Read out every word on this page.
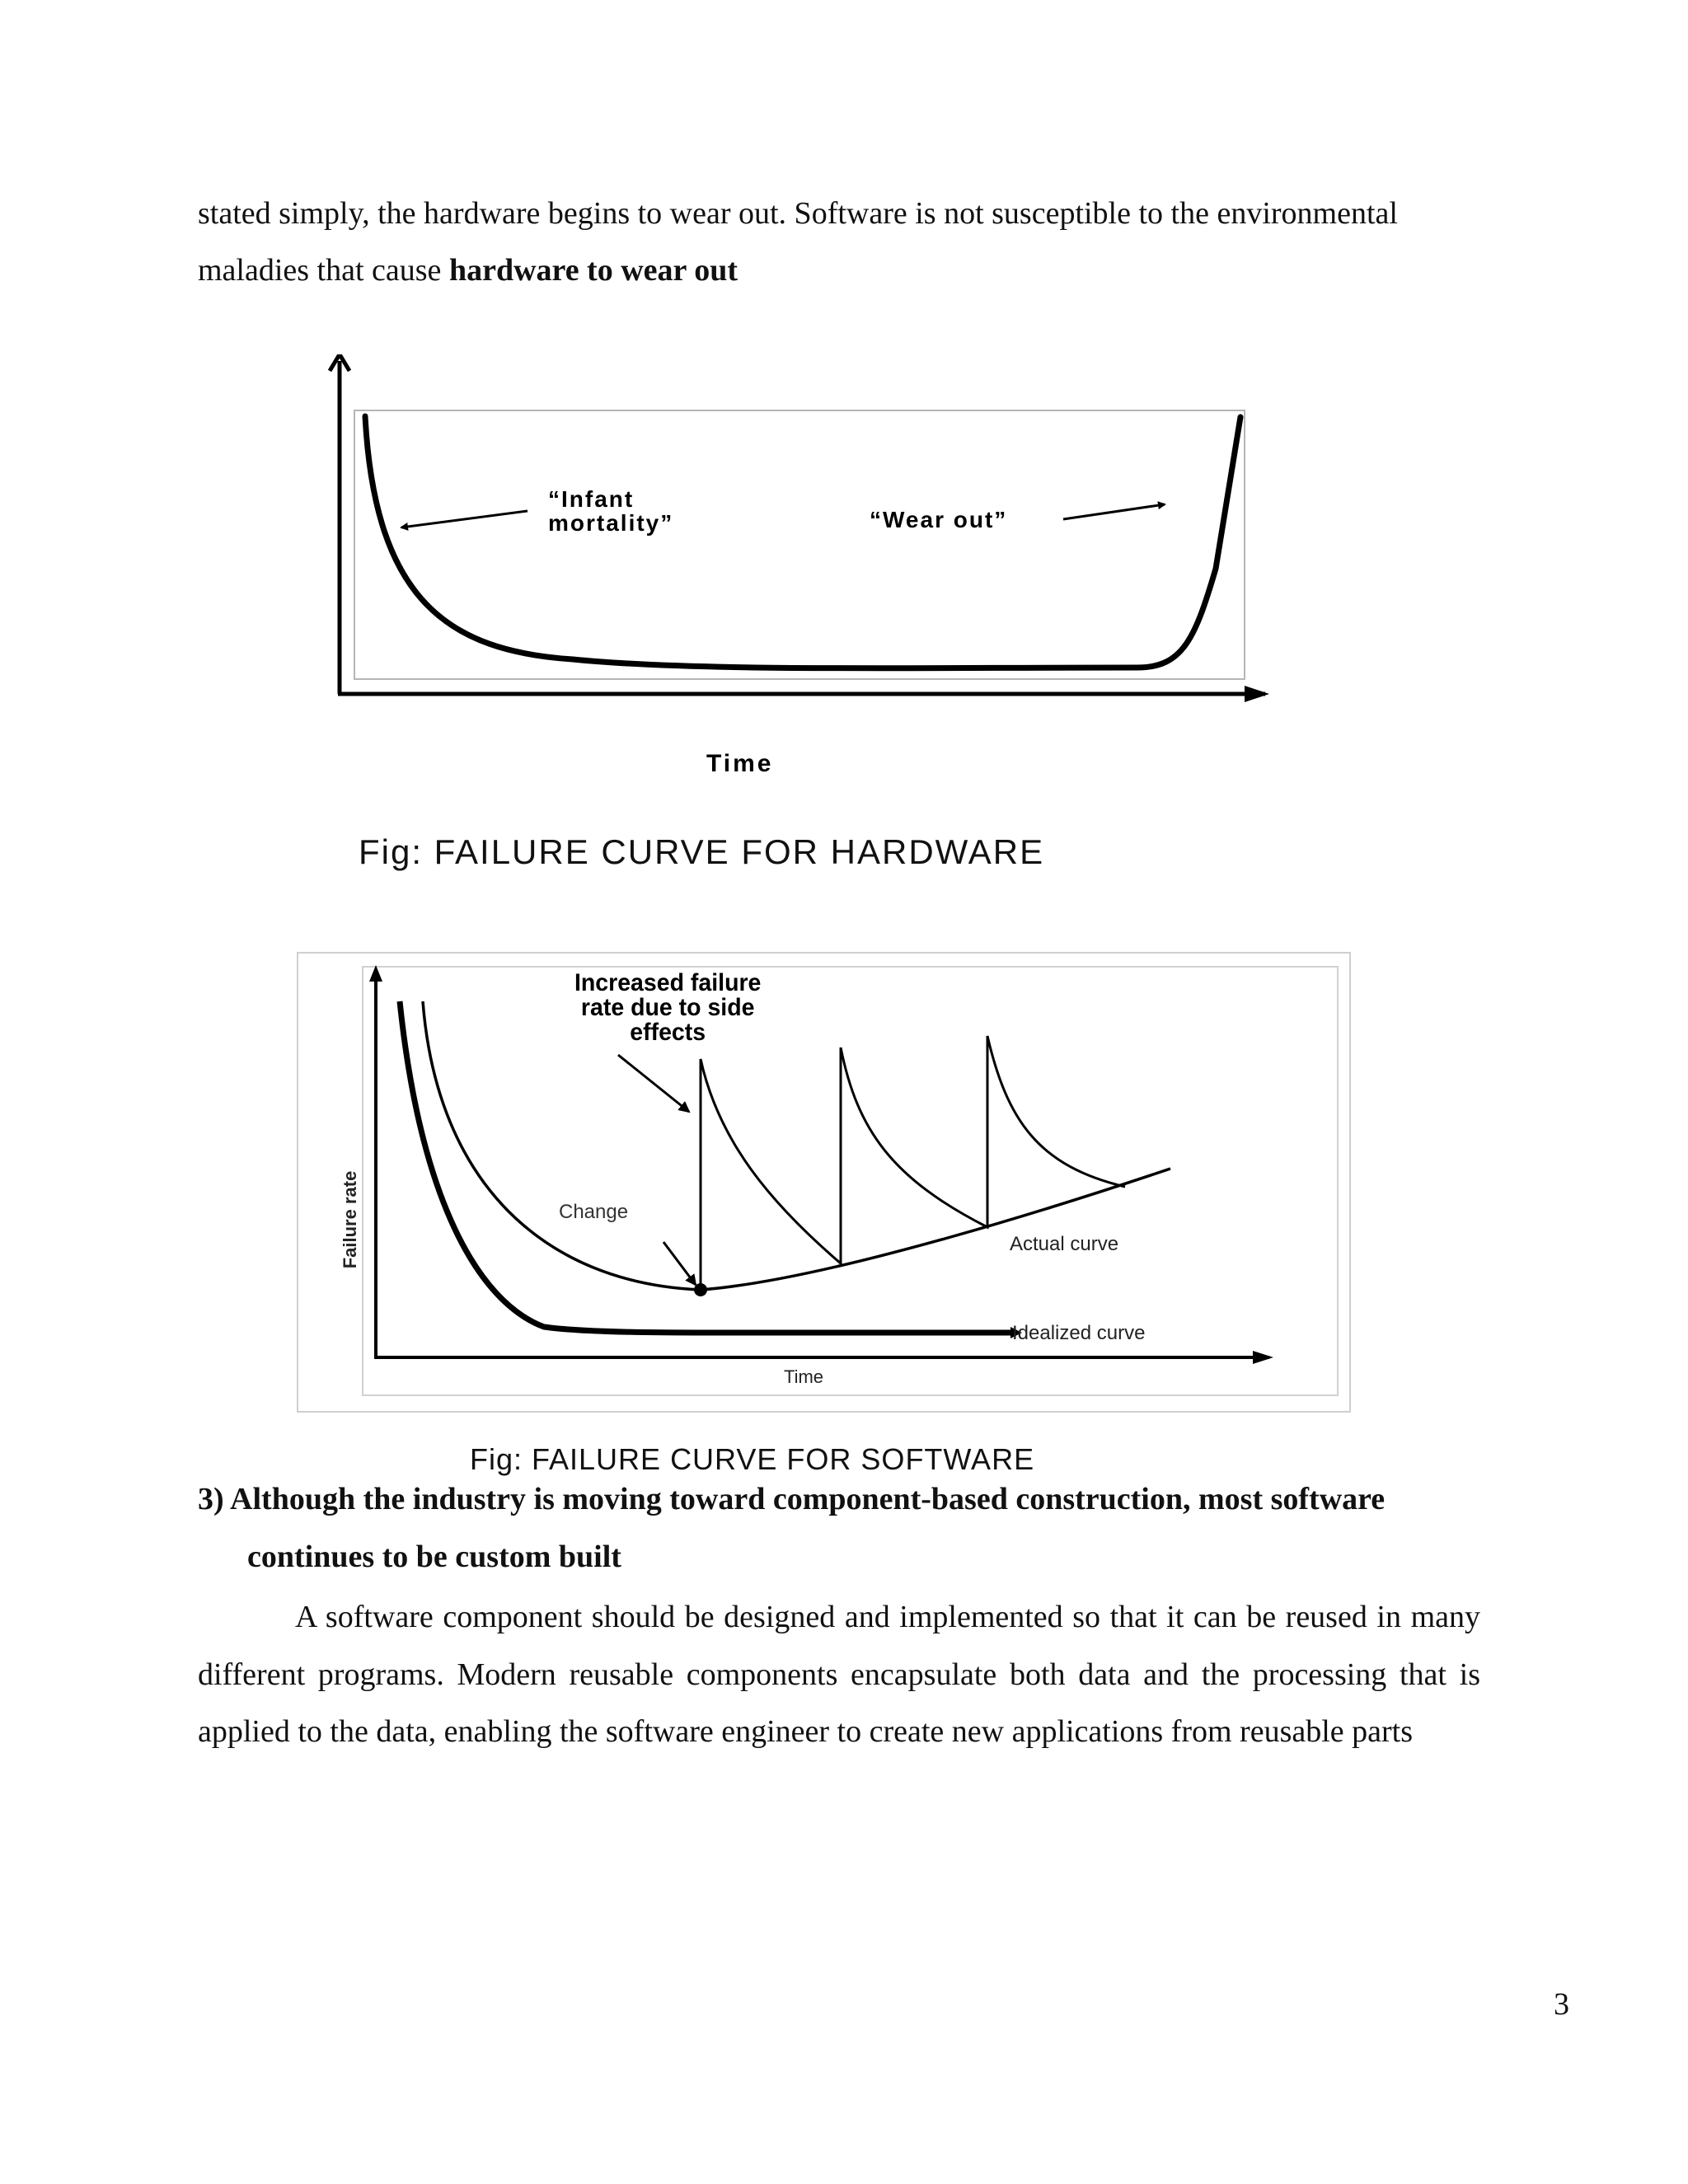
stated simply, the hardware begins to wear out. Software is not susceptible to the environmental
maladies that cause hardware to wear out
“Infant
mortality”	“Wear out”
Time
Fig: FAILURE CURVE FOR HARDWARE
Increased failure
rate due to side
effects
Change
Actual curve
Idealized curve
Failure rate
Time
Fig: FAILURE CURVE FOR SOFTWARE
3) Although the industry is moving toward component-based construction, most software
continues to be custom built
A software component should be designed and implemented so that it can be reused in many different programs. Modern reusable components encapsulate both data and the processing that is applied to the data, enabling the software engineer to create new applications from reusable parts
3
